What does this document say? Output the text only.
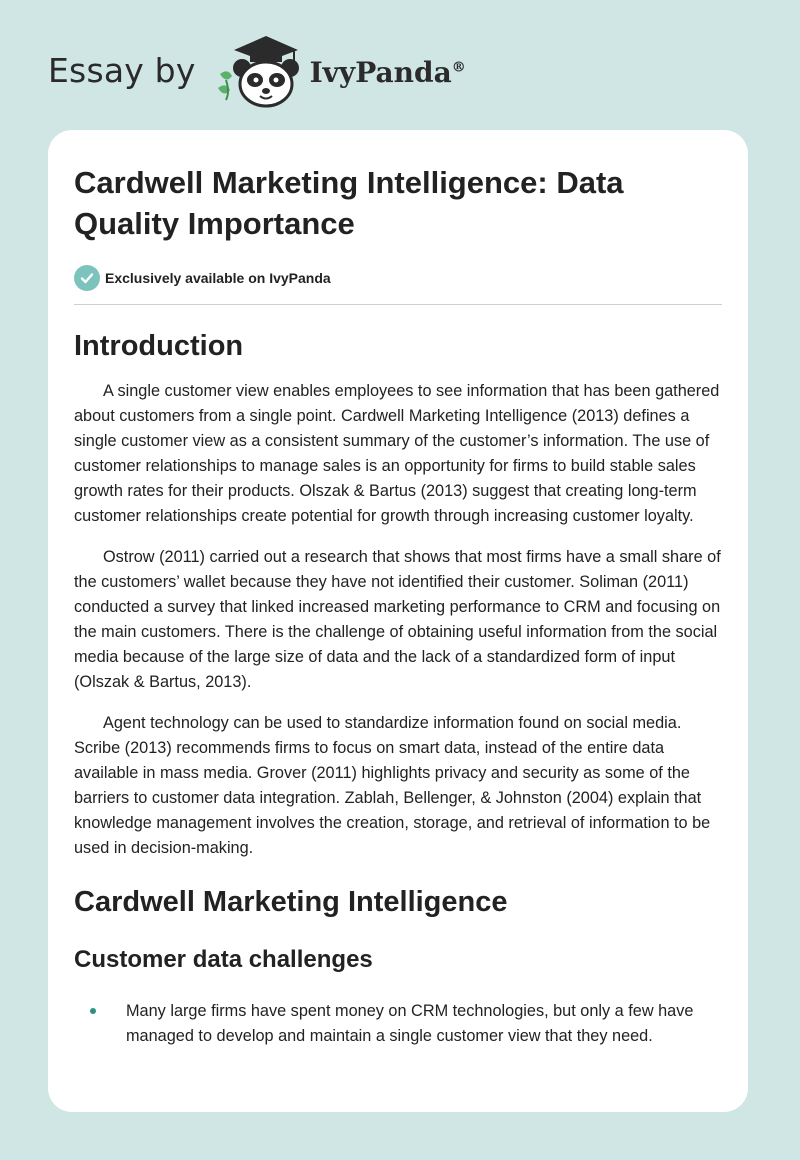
Essay by	IvyPanda®
Cardwell Marketing Intelligence: Data Quality Importance
Exclusively available on IvyPanda
Introduction

A single customer view enables employees to see information that has been gathered about customers from a single point. Cardwell Marketing Intelligence (2013) defines a single customer view as a consistent summary of the customer’s information. The use of customer relationships to manage sales is an opportunity for firms to build stable sales growth rates for their products. Olszak & Bartus (2013) suggest that creating long-term customer relationships create potential for growth through increasing customer loyalty.

Ostrow (2011) carried out a research that shows that most firms have a small share of the customers’ wallet because they have not identified their customer. Soliman (2011) conducted a survey that linked increased marketing performance to CRM and focusing on the main customers. There is the challenge of obtaining useful information from the social media because of the large size of data and the lack of a standardized form of input (Olszak & Bartus, 2013).

Agent technology can be used to standardize information found on social media. Scribe (2013) recommends firms to focus on smart data, instead of the entire data available in mass media. Grover (2011) highlights privacy and security as some of the barriers to customer data integration. Zablah, Bellenger, & Johnston (2004) explain that knowledge management involves the creation, storage, and retrieval of information to be used in decision-making.

Cardwell Marketing Intelligence
Customer data challenges
Many large firms have spent money on CRM technologies, but only a few have managed to develop and maintain a single customer view that they need.
